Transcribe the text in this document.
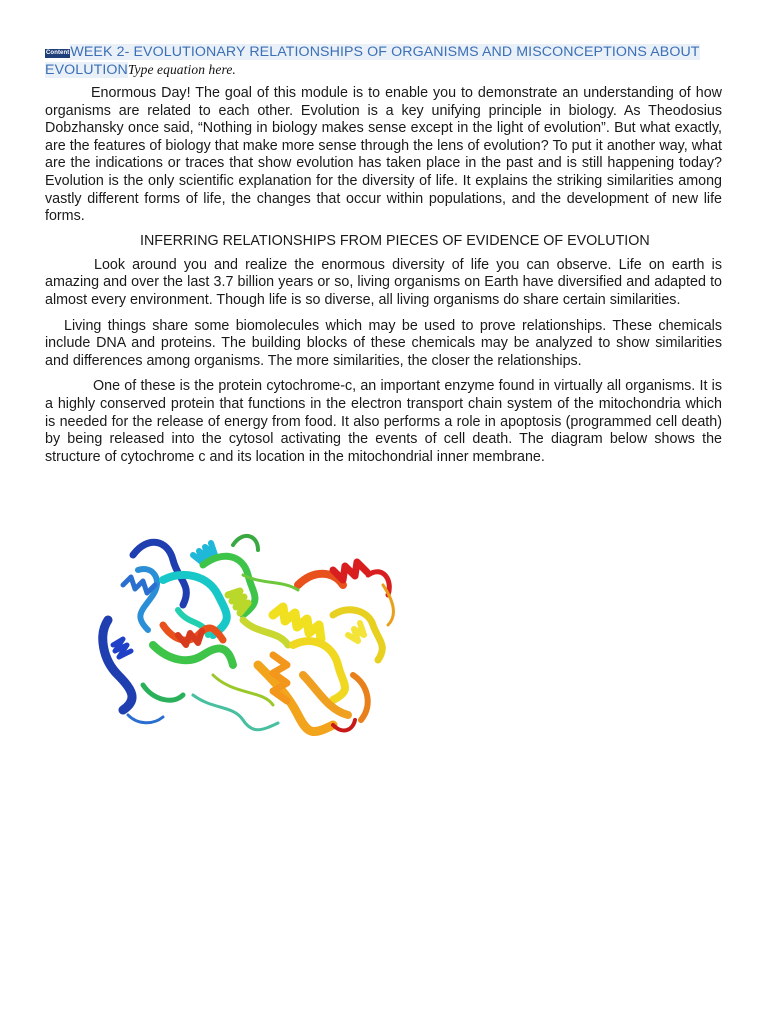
ContentWEEK 2- EVOLUTIONARY RELATIONSHIPS OF ORGANISMS AND MISCONCEPTIONS ABOUT
EVOLUTIONType equation here.

Enormous Day! The goal of this module is to enable you to demonstrate an understanding of how organisms are related to each other. Evolution is a key unifying principle in biology. As Theodosius Dobzhansky once said, “Nothing in biology makes sense except in the light of evolution”. But what exactly, are the features of biology that make more sense through the lens of evolution? To put it another way, what are the indications or traces that show evolution has taken place in the past and is still happening today? Evolution is the only scientific explanation for the diversity of life. It explains the striking similarities among vastly different forms of life, the changes that occur within populations, and the development of new life forms.

INFERRING RELATIONSHIPS FROM PIECES OF EVIDENCE OF EVOLUTION

Look around you and realize the enormous diversity of life you can observe. Life on earth is amazing and over the last 3.7 billion years or so, living organisms on Earth have diversified and adapted to almost every environment. Though life is so diverse, all living organisms do share certain similarities.

Living things share some biomolecules which may be used to prove relationships. These chemicals include DNA and proteins. The building blocks of these chemicals may be analyzed to show similarities and differences among organisms. The more similarities, the closer the relationships.

One of these is the protein cytochrome-c, an important enzyme found in virtually all organisms. It is a highly conserved protein that functions in the electron transport chain system of the mitochondria which is needed for the release of energy from food. It also performs a role in apoptosis (programmed cell death) by being released into the cytosol activating the events of cell death. The diagram below shows the structure of cytochrome c and its location in the mitochondrial inner membrane.
